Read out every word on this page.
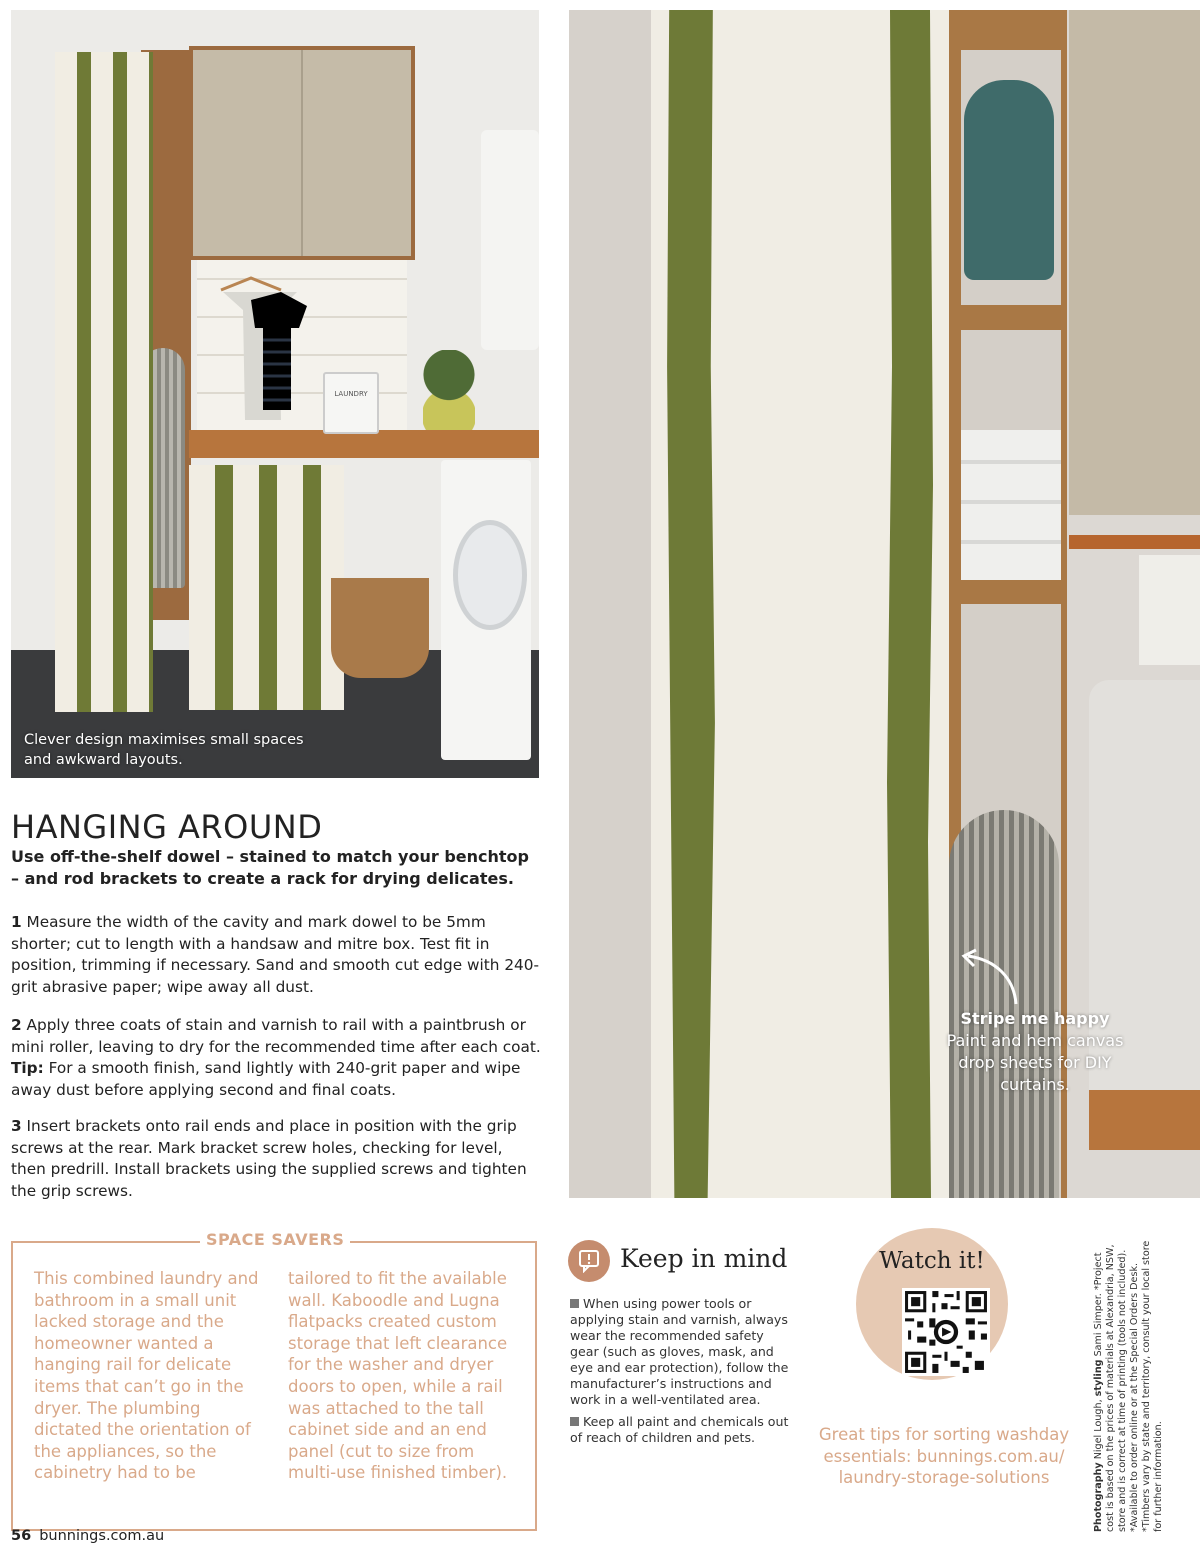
LAUNDRY
Clever design maximises small spaces and awkward layouts.
Stripe me happy
Paint and hem canvas drop sheets for DIY curtains.
HANGING AROUND
Use off-the-shelf dowel – stained to match your benchtop – and rod brackets to create a rack for drying delicates.
1 Measure the width of the cavity and mark dowel to be 5mm shorter; cut to length with a handsaw and mitre box. Test fit in position, trimming if necessary. Sand and smooth cut edge with 240-grit abrasive paper; wipe away all dust.
2 Apply three coats of stain and varnish to rail with a paintbrush or mini roller, leaving to dry for the recommended time after each coat. Tip: For a smooth finish, sand lightly with 240-grit paper and wipe away dust before applying second and final coats.
3 Insert brackets onto rail ends and place in position with the grip screws at the rear. Mark bracket screw holes, checking for level, then predrill. Install brackets using the supplied screws and tighten the grip screws.
SPACE SAVERS
This combined laundry and bathroom in a small unit lacked storage and the homeowner wanted a hanging rail for delicate items that can’t go in the dryer. The plumbing dictated the orientation of the appliances, so the cabinetry had to be
tailored to fit the available wall. Kaboodle and Lugna flatpacks created custom storage that left clearance for the washer and dryer doors to open, while a rail was attached to the tall cabinet side and an end panel (cut to size from multi-use finished timber).
Keep in mind
When using power tools or applying stain and varnish, always wear the recommended safety gear (such as gloves, mask, and eye and ear protection), follow the manufacturer’s instructions and work in a well-ventilated area.
Keep all paint and chemicals out of reach of children and pets.
Watch it!
Great tips for sorting washday essentials: bunnings.com.au/ laundry-storage-solutions	Photography Nigel Lough, styling Sami Simper. *Project cost is based on the prices of materials at Alexandria, NSW, store and is correct at time of printing (tools not included). *Available to order online or at the Special Orders Desk. *Timbers vary by state and territory, consult your local store for further information.
56 bunnings.com.au
